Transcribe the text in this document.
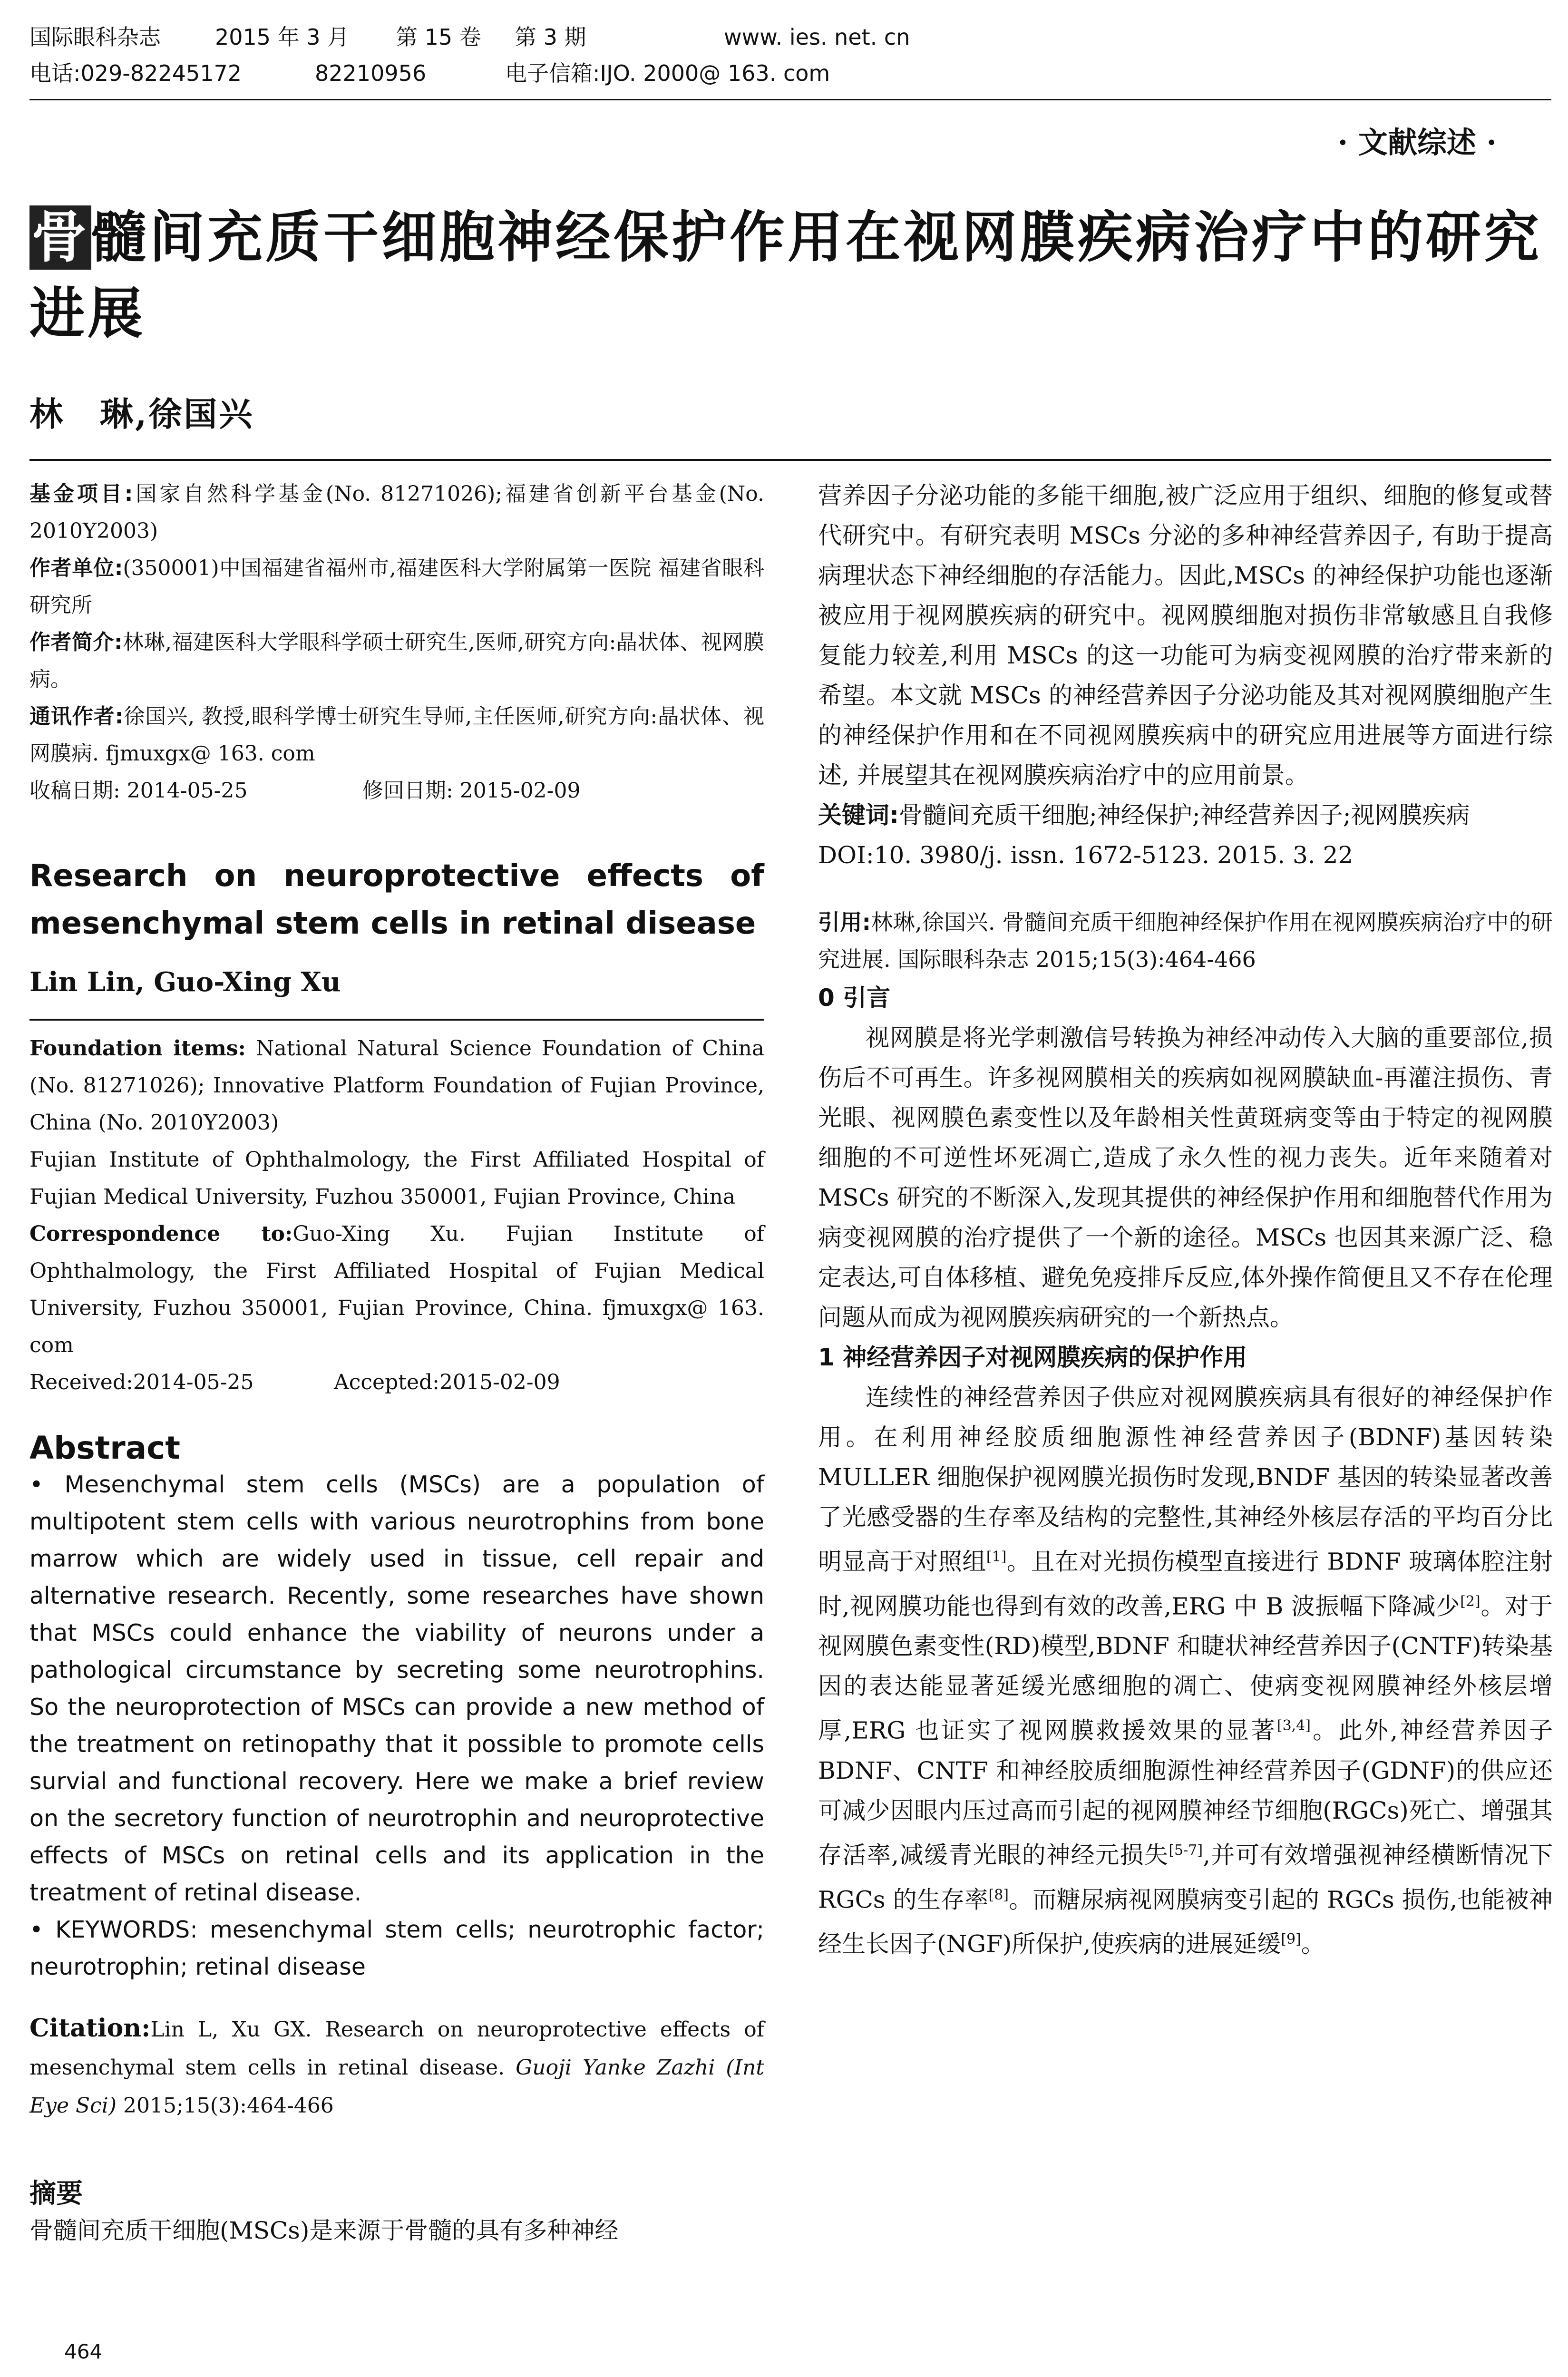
国际眼科杂志 2015 年 3 月 第 15 卷 第 3 期	www. ies. net. cn
电话:029-82245172	82210956	电子信箱:IJO. 2000@ 163. com
· 文献综述 ·
骨髓间充质干细胞神经保护作用在视网膜疾病治疗中的研究进展
林　琳,徐国兴

基金项目:国家自然科学基金(No. 81271026);福建省创新平台基金(No. 2010Y2003)

作者单位:(350001)中国福建省福州市,福建医科大学附属第一医院 福建省眼科研究所

作者简介:林琳,福建医科大学眼科学硕士研究生,医师,研究方向:晶状体、视网膜病。

通讯作者:徐国兴, 教授,眼科学博士研究生导师,主任医师,研究方向:晶状体、视网膜病. fjmuxgx@ 163. com

收稿日期: 2014-05-25	修回日期: 2015-02-09

Research on neuroprotective effects of mesenchymal stem cells in retinal disease
Lin Lin, Guo-Xing Xu

Foundation items: National Natural Science Foundation of China (No. 81271026); Innovative Platform Foundation of Fujian Province, China (No. 2010Y2003)

Fujian Institute of Ophthalmology, the First Affiliated Hospital of Fujian Medical University, Fuzhou 350001, Fujian Province, China

Correspondence to:Guo-Xing Xu. Fujian Institute of Ophthalmology, the First Affiliated Hospital of Fujian Medical University, Fuzhou 350001, Fujian Province, China. fjmuxgx@ 163. com

Received:2014-05-25	Accepted:2015-02-09

Abstract

• Mesenchymal stem cells (MSCs) are a population of multipotent stem cells with various neurotrophins from bone marrow which are widely used in tissue, cell repair and alternative research. Recently, some researches have shown that MSCs could enhance the viability of neurons under a pathological circumstance by secreting some neurotrophins. So the neuroprotection of MSCs can provide a new method of the treatment on retinopathy that it possible to promote cells survial and functional recovery. Here we make a brief review on the secretory function of neurotrophin and neuroprotective effects of MSCs on retinal cells and its application in the treatment of retinal disease.

• KEYWORDS: mesenchymal stem cells; neurotrophic factor; neurotrophin; retinal disease

Citation:Lin L, Xu GX. Research on neuroprotective effects of mesenchymal stem cells in retinal disease. Guoji Yanke Zazhi (Int Eye Sci) 2015;15(3):464-466

摘要

骨髓间充质干细胞(MSCs)是来源于骨髓的具有多种神经

营养因子分泌功能的多能干细胞,被广泛应用于组织、细胞的修复或替代研究中。有研究表明 MSCs 分泌的多种神经营养因子, 有助于提高病理状态下神经细胞的存活能力。因此,MSCs 的神经保护功能也逐渐被应用于视网膜疾病的研究中。视网膜细胞对损伤非常敏感且自我修复能力较差,利用 MSCs 的这一功能可为病变视网膜的治疗带来新的希望。本文就 MSCs 的神经营养因子分泌功能及其对视网膜细胞产生的神经保护作用和在不同视网膜疾病中的研究应用进展等方面进行综述, 并展望其在视网膜疾病治疗中的应用前景。

关键词:骨髓间充质干细胞;神经保护;神经营养因子;视网膜疾病

DOI:10. 3980/j. issn. 1672-5123. 2015. 3. 22

引用:林琳,徐国兴. 骨髓间充质干细胞神经保护作用在视网膜疾病治疗中的研究进展. 国际眼科杂志 2015;15(3):464-466

0 引言

视网膜是将光学刺激信号转换为神经冲动传入大脑的重要部位,损伤后不可再生。许多视网膜相关的疾病如视网膜缺血-再灌注损伤、青光眼、视网膜色素变性以及年龄相关性黄斑病变等由于特定的视网膜细胞的不可逆性坏死凋亡,造成了永久性的视力丧失。近年来随着对 MSCs 研究的不断深入,发现其提供的神经保护作用和细胞替代作用为病变视网膜的治疗提供了一个新的途径。MSCs 也因其来源广泛、稳定表达,可自体移植、避免免疫排斥反应,体外操作简便且又不存在伦理问题从而成为视网膜疾病研究的一个新热点。

1 神经营养因子对视网膜疾病的保护作用

连续性的神经营养因子供应对视网膜疾病具有很好的神经保护作用。在利用神经胶质细胞源性神经营养因子(BDNF)基因转染 MULLER 细胞保护视网膜光损伤时发现,BNDF 基因的转染显著改善了光感受器的生存率及结构的完整性,其神经外核层存活的平均百分比明显高于对照组[1]。且在对光损伤模型直接进行 BDNF 玻璃体腔注射时,视网膜功能也得到有效的改善,ERG 中 B 波振幅下降减少[2]。对于视网膜色素变性(RD)模型,BDNF 和睫状神经营养因子(CNTF)转染基因的表达能显著延缓光感细胞的凋亡、使病变视网膜神经外核层增厚,ERG 也证实了视网膜救援效果的显著[3,4]。此外,神经营养因子 BDNF、CNTF 和神经胶质细胞源性神经营养因子(GDNF)的供应还可减少因眼内压过高而引起的视网膜神经节细胞(RGCs)死亡、增强其存活率,减缓青光眼的神经元损失[5-7],并可有效增强视神经横断情况下 RGCs 的生存率[8]。而糖尿病视网膜病变引起的 RGCs 损伤,也能被神经生长因子(NGF)所保护,使疾病的进展延缓[9]。

464
